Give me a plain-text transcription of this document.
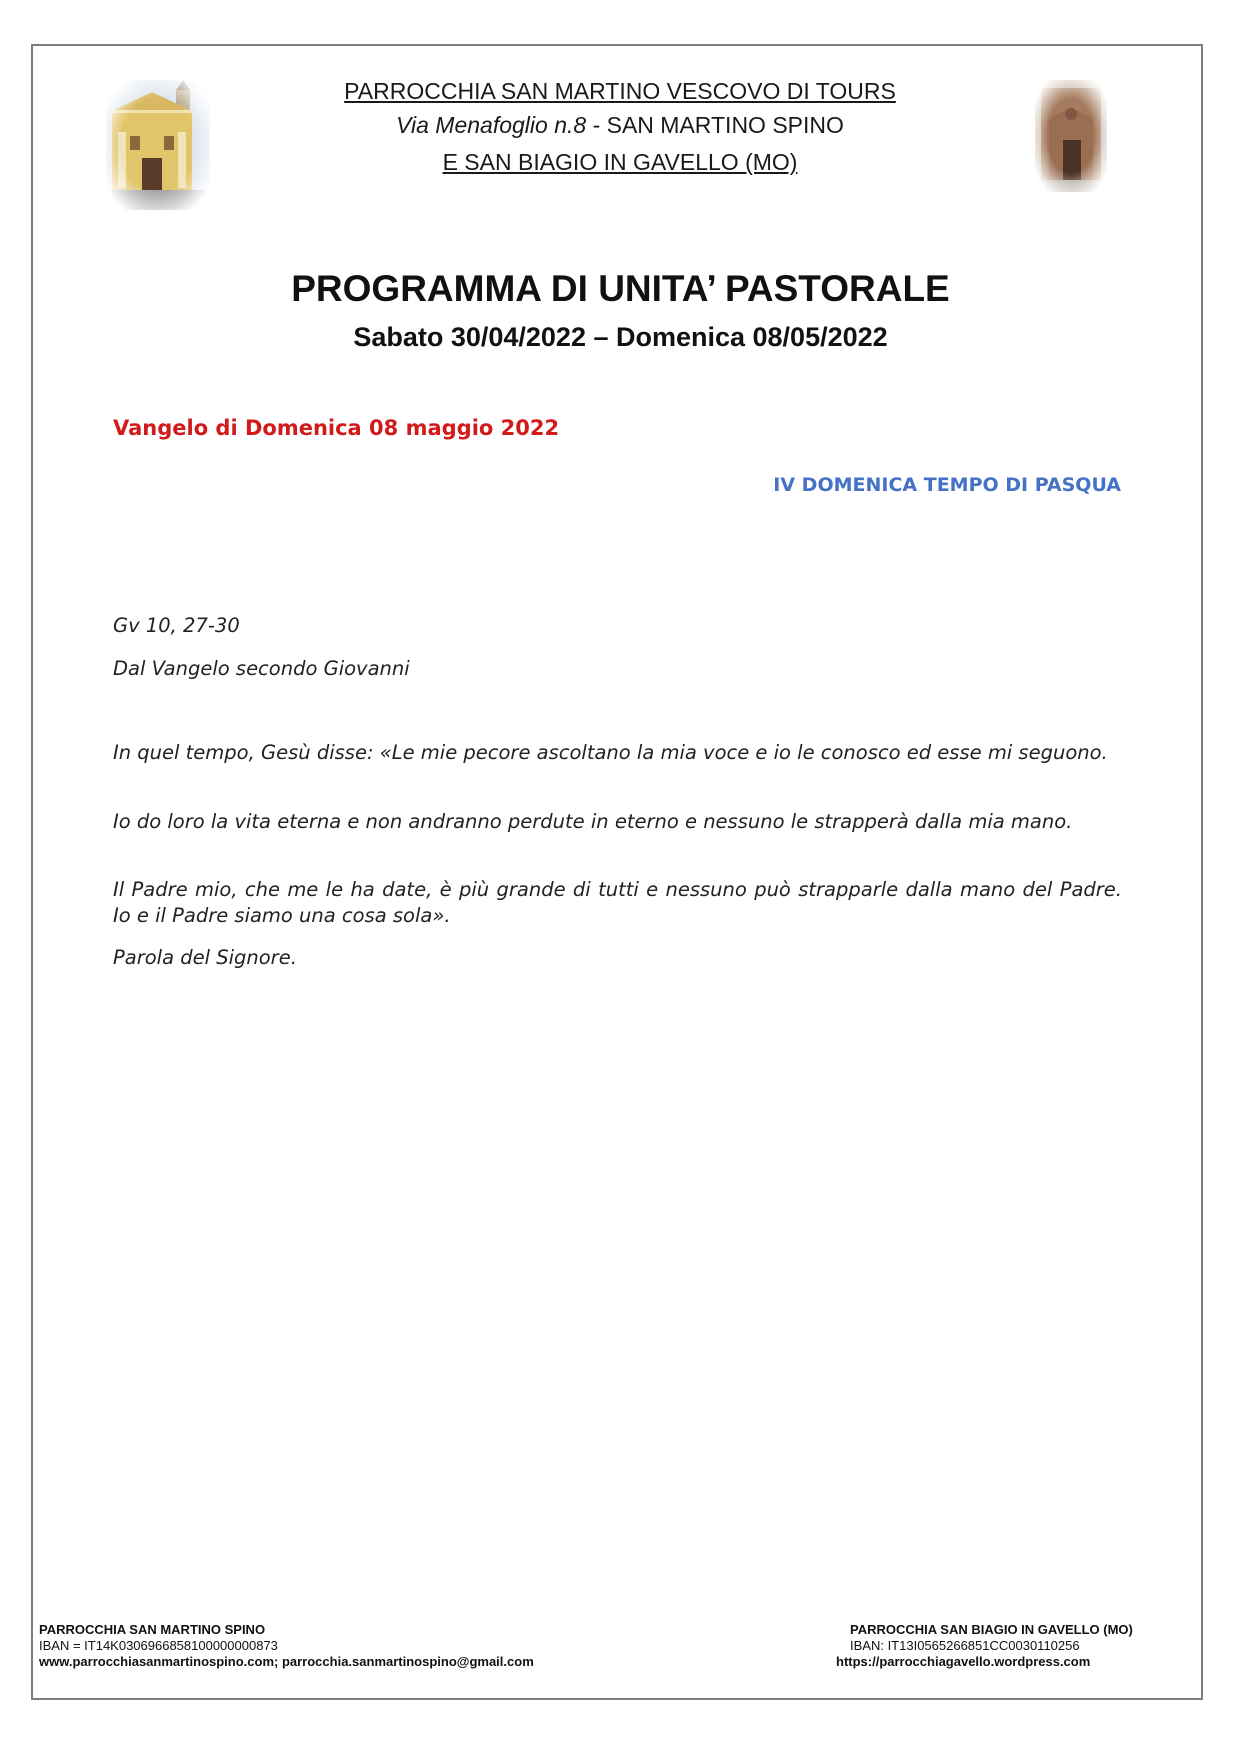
PARROCCHIA SAN MARTINO VESCOVO DI TOURS
Via Menafoglio n.8 - SAN MARTINO SPINO
E SAN BIAGIO IN GAVELLO (MO)
PROGRAMMA DI UNITA’ PASTORALE
Sabato 30/04/2022 – Domenica 08/05/2022
Vangelo di Domenica 08 maggio 2022
IV DOMENICA TEMPO DI PASQUA

Gv 10, 27-30

Dal Vangelo secondo Giovanni

In quel tempo, Gesù disse: «Le mie pecore ascoltano la mia voce e io le conosco ed esse mi seguono.

Io do loro la vita eterna e non andranno perdute in eterno e nessuno le strapperà dalla mia mano.

Il Padre mio, che me le ha date, è più grande di tutti e nessuno può strapparle dalla mano del Padre. Io e il Padre siamo una cosa sola».

Parola del Signore.

PARROCCHIA SAN MARTINO SPINO
IBAN = IT14K0306966858100000000873
www.parrocchiasanmartinospino.com; parrocchia.sanmartinospino@gmail.com
PARROCCHIA SAN BIAGIO IN GAVELLO (MO)
IBAN: IT13I0565266851CC0030110256
https://parrocchiagavello.wordpress.com
